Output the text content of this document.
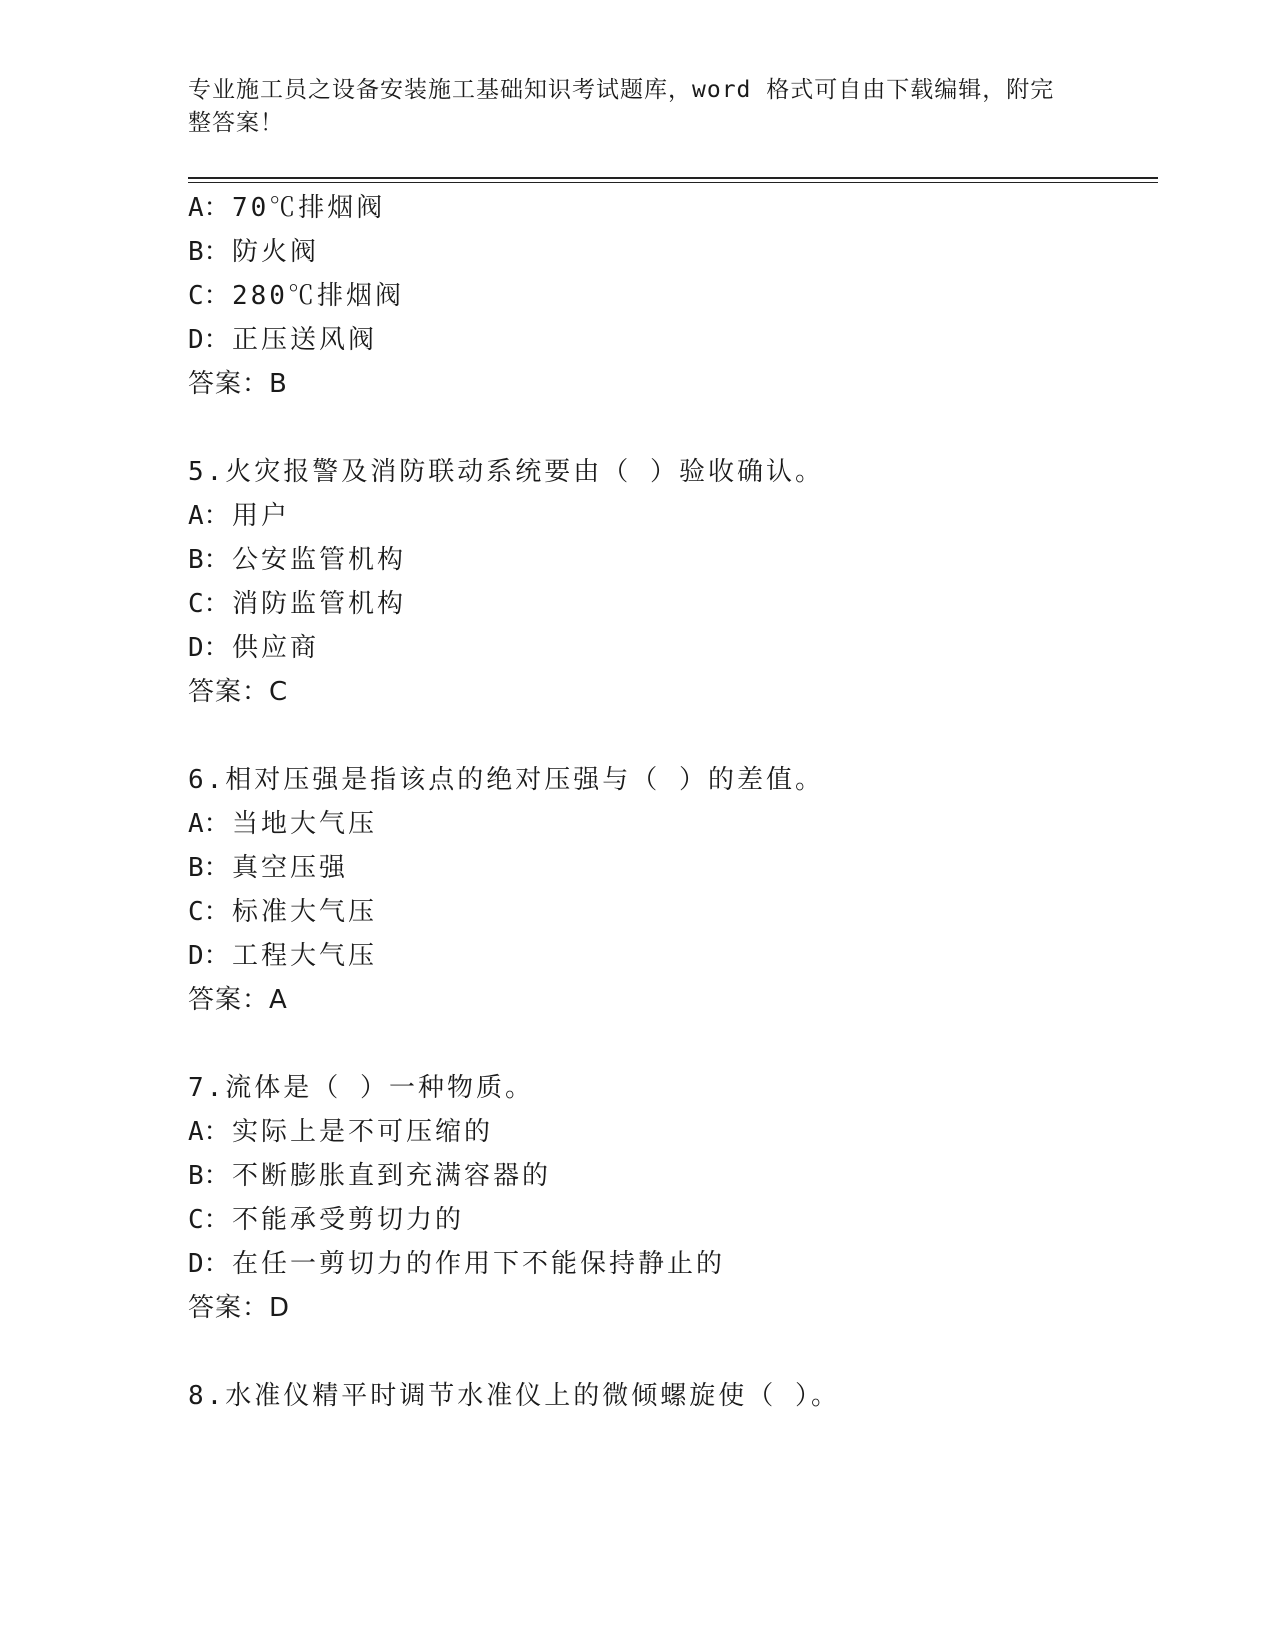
专业施工员之设备安装施工基础知识考试题库，word 格式可自由下载编辑，附完
整答案！

A：70℃排烟阀
B：防火阀
C：280℃排烟阀
D：正压送风阀
答案：B
5.火灾报警及消防联动系统要由（ ）验收确认。
A：用户
B：公安监管机构
C：消防监管机构
D：供应商
答案：C
6.相对压强是指该点的绝对压强与（ ）的差值。
A：当地大气压
B：真空压强
C：标准大气压
D：工程大气压
答案：A
7.流体是（ ）一种物质。
A：实际上是不可压缩的
B：不断膨胀直到充满容器的
C：不能承受剪切力的
D：在任一剪切力的作用下不能保持静止的
答案：D
8.水准仪精平时调节水准仪上的微倾螺旋使（ ）。
